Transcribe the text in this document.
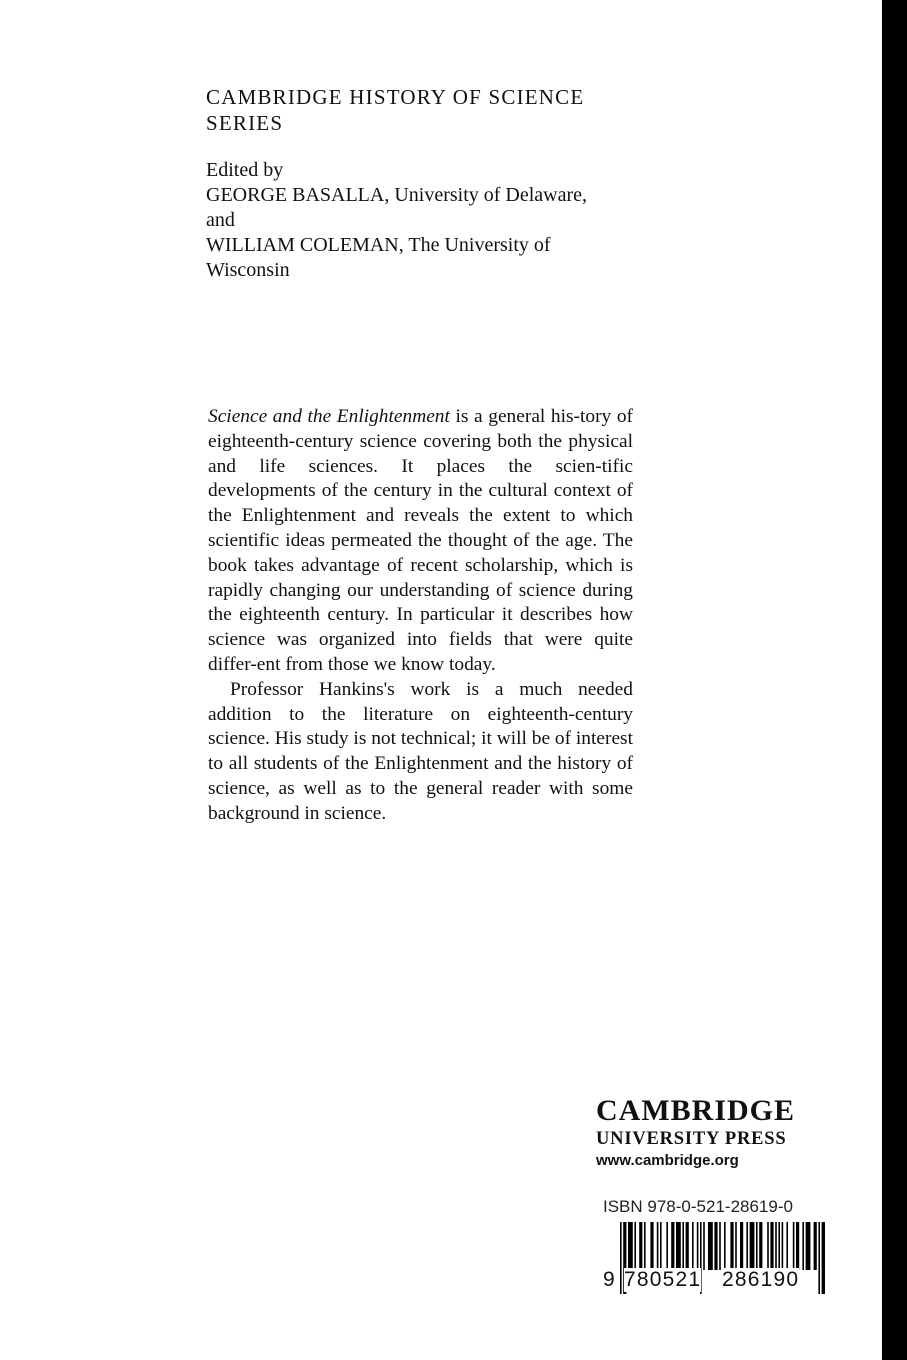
CAMBRIDGE HISTORY OF SCIENCE
SERIES
Edited by
GEORGE BASALLA, University of Delaware,
and
WILLIAM COLEMAN, The University of
Wisconsin

Science and the Enlightenment is a general his-tory of eighteenth-century science covering both the physical and life sciences. It places the scien-tific developments of the century in the cultural context of the Enlightenment and reveals the extent to which scientific ideas permeated the thought of the age. The book takes advantage of recent scholarship, which is rapidly changing our understanding of science during the eighteenth century. In particular it describes how science was organized into fields that were quite differ-ent from those we know today.

Professor Hankins's work is a much needed addition to the literature on eighteenth-century science. His study is not technical; it will be of interest to all students of the Enlightenment and the history of science, as well as to the general reader with some background in science.

CAMBRIDGE
UNIVERSITY PRESS
www.cambridge.org
ISBN 978-0-521-28619-0
9 780521 286190
